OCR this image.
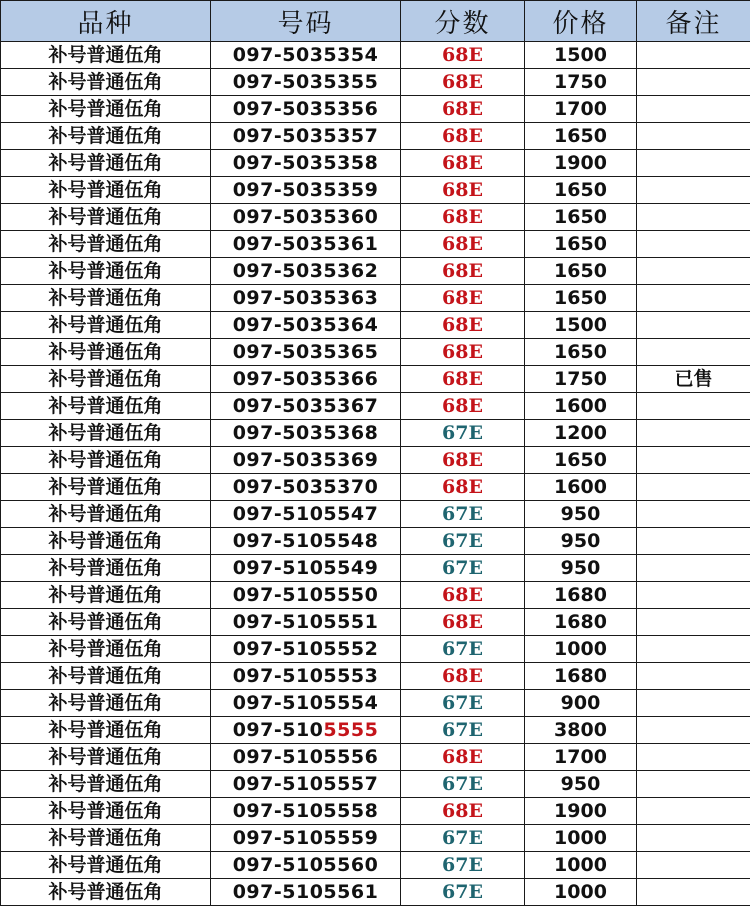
品种	号码	分数	价格	备注
补号普通伍角	097-5035354	68E	1500	
补号普通伍角	097-5035355	68E	1750	
补号普通伍角	097-5035356	68E	1700	
补号普通伍角	097-5035357	68E	1650	
补号普通伍角	097-5035358	68E	1900	
补号普通伍角	097-5035359	68E	1650	
补号普通伍角	097-5035360	68E	1650	
补号普通伍角	097-5035361	68E	1650	
补号普通伍角	097-5035362	68E	1650	
补号普通伍角	097-5035363	68E	1650	
补号普通伍角	097-5035364	68E	1500	
补号普通伍角	097-5035365	68E	1650	
补号普通伍角	097-5035366	68E	1750	已售
补号普通伍角	097-5035367	68E	1600	
补号普通伍角	097-5035368	67E	1200	
补号普通伍角	097-5035369	68E	1650	
补号普通伍角	097-5035370	68E	1600	
补号普通伍角	097-5105547	67E	950	
补号普通伍角	097-5105548	67E	950	
补号普通伍角	097-5105549	67E	950	
补号普通伍角	097-5105550	68E	1680	
补号普通伍角	097-5105551	68E	1680	
补号普通伍角	097-5105552	67E	1000	
补号普通伍角	097-5105553	68E	1680	
补号普通伍角	097-5105554	67E	900	
补号普通伍角	097-5105555	67E	3800	
补号普通伍角	097-5105556	68E	1700	
补号普通伍角	097-5105557	67E	950	
补号普通伍角	097-5105558	68E	1900	
补号普通伍角	097-5105559	67E	1000	
补号普通伍角	097-5105560	67E	1000	
补号普通伍角	097-5105561	67E	1000	
